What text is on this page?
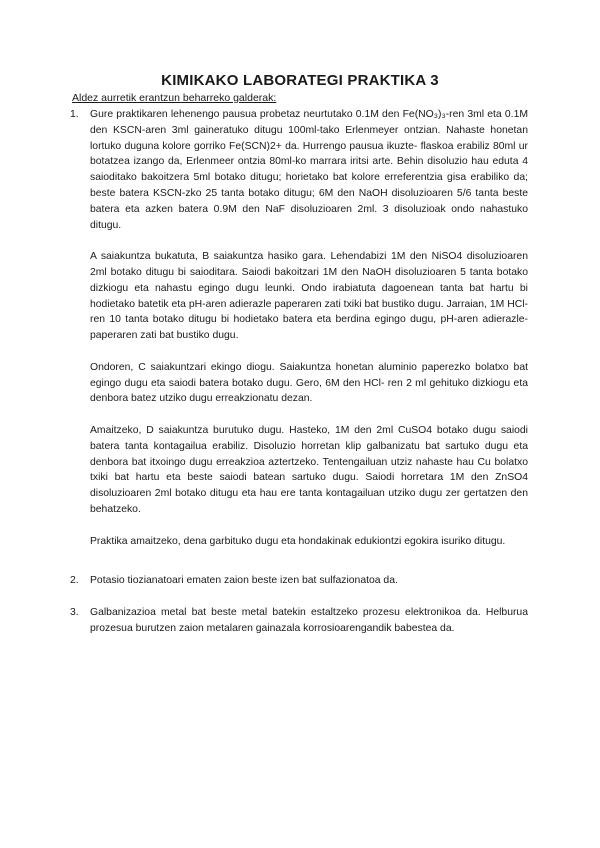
KIMIKAKO LABORATEGI PRAKTIKA 3
Aldez aurretik erantzun beharreko galderak:
1. Gure praktikaren lehenengo pausua probetaz neurtutako 0.1M den Fe(NO₃)₃-ren 3ml eta 0.1M den KSCN-aren 3ml gaineratuko ditugu 100ml-tako Erlenmeyer ontzian. Nahaste honetan lortuko duguna kolore gorriko Fe(SCN)2+ da. Hurrengo pausua ikuzte- flaskoa erabiliz 80ml ur botatzea izango da, Erlenmeer ontzia 80ml-ko marrara iritsi arte. Behin disoluzio hau eduta 4 saioditako bakoitzera 5ml botako ditugu; horietako bat kolore erreferentzia gisa erabiliko da; beste batera KSCN-zko 25 tanta botako ditugu; 6M den NaOH disoluzioaren 5/6 tanta beste batera eta azken batera 0.9M den NaF disoluzioaren 2ml. 3 disoluzioak ondo nahastuko ditugu.

A saiakuntza bukatuta, B saiakuntza hasiko gara. Lehendabizi 1M den NiSO4 disoluzioaren 2ml botako ditugu bi saioditara. Saiodi bakoitzari 1M den NaOH disoluzioaren 5 tanta botako dizkiogu eta nahastu egingo dugu leunki. Ondo irabiatuta dagoenean tanta bat hartu bi hodietako batetik eta pH-aren adierazle paperaren zati txiki bat bustiko dugu. Jarraian, 1M HCl- ren 10 tanta botako ditugu bi hodietako batera eta berdina egingo dugu, pH-aren adierazle-paperaren zati bat bustiko dugu.

Ondoren, C saiakuntzari ekingo diogu. Saiakuntza honetan aluminio paperezko bolatxo bat egingo dugu eta saiodi batera botako dugu. Gero, 6M den HCl- ren 2 ml gehituko dizkiogu eta denbora batez utziko dugu erreakzionatu dezan.

Amaitzeko, D saiakuntza burutuko dugu. Hasteko, 1M den 2ml CuSO4 botako dugu saiodi batera tanta kontagailua erabiliz. Disoluzio horretan klip galbanizatu bat sartuko dugu eta denbora bat itxoingo dugu erreakzioa aztertzeko. Tentengailuan utziz nahaste hau Cu bolatxo txiki bat hartu eta beste saiodi batean sartuko dugu. Saiodi horretara 1M den ZnSO4 disoluzioaren 2ml botako ditugu eta hau ere tanta kontagailuan utziko dugu zer gertatzen den behatzeko.

Praktika amaitzeko, dena garbituko dugu eta hondakinak edukiontzi egokira isuriko ditugu.

2. Potasio tiozianatoari ematen zaion beste izen bat sulfazionatoa da.

3. Galbanizazioa metal bat beste metal batekin estaltzeko prozesu elektronikoa da. Helburua prozesua burutzen zaion metalaren gainazala korrosioarengandik babestea da.
